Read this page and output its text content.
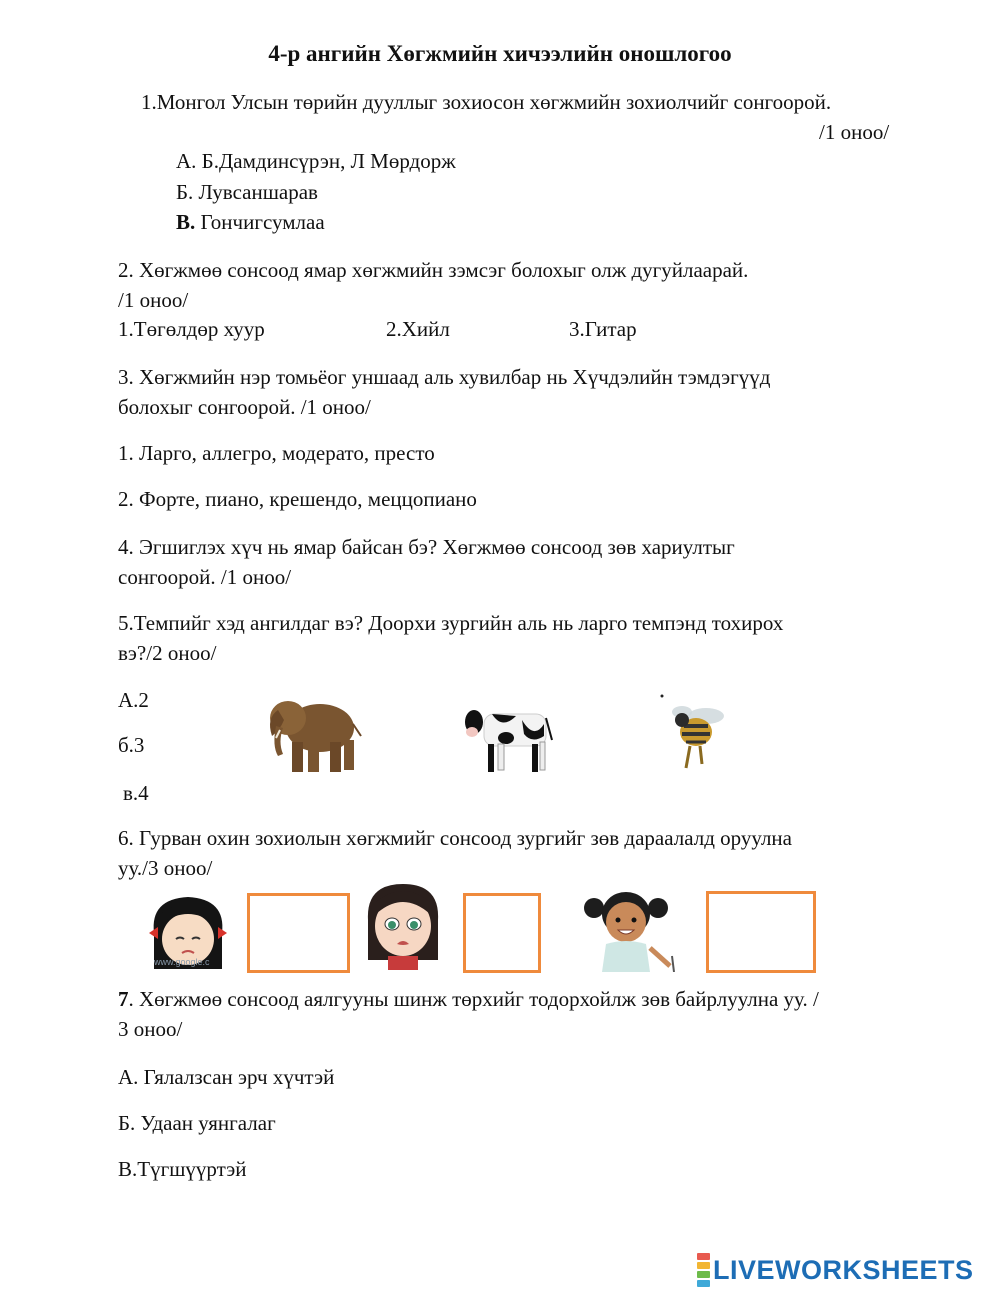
4-р ангийн Хөгжмийн хичээлийн оношлогоо
1.Монгол Улсын төрийн дууллыг зохиосон хөгжмийн зохиолчийг сонгоорой.
/1 оноо/
А. Б.Дамдинсүрэн, Л Мөрдорж
Б. Лувсаншарав
В. Гончигсумлаа
2. Хөгжмөө сонсоод ямар хөгжмийн зэмсэг болохыг олж дугуйлаарай.
/1 оноо/
1.Төгөлдөр хуур	2.Хийл	3.Гитар
3. Хөгжмийн нэр томьёог уншаад аль хувилбар нь Хүчдэлийн тэмдэгүүд
болохыг сонгоорой. /1 оноо/
1. Ларго, аллегро, модерато, престо
2. Форте, пиано, крешендо, меццопиано
4. Эгшиглэх хүч нь ямар байсан бэ? Хөгжмөө сонсоод зөв хариултыг
сонгоорой. /1 оноо/
5.Темпийг хэд ангилдаг вэ? Доорхи зургийн аль нь ларго темпэнд тохирох
вэ?/2 оноо/
А.2
б.3
в.4
6. Гурван охин зохиолын хөгжмийг сонсоод зургийг зөв дараалалд оруулна
уу./3 оноо/
www.google.c
7. Хөгжмөө сонсоод аялгууны шинж төрхийг тодорхойлж зөв байрлуулна уу. /
3 оноо/
А. Гялалзсан эрч хүчтэй
Б. Удаан уянгалаг
В.Түгшүүртэй
LIVEWORKSHEETS
